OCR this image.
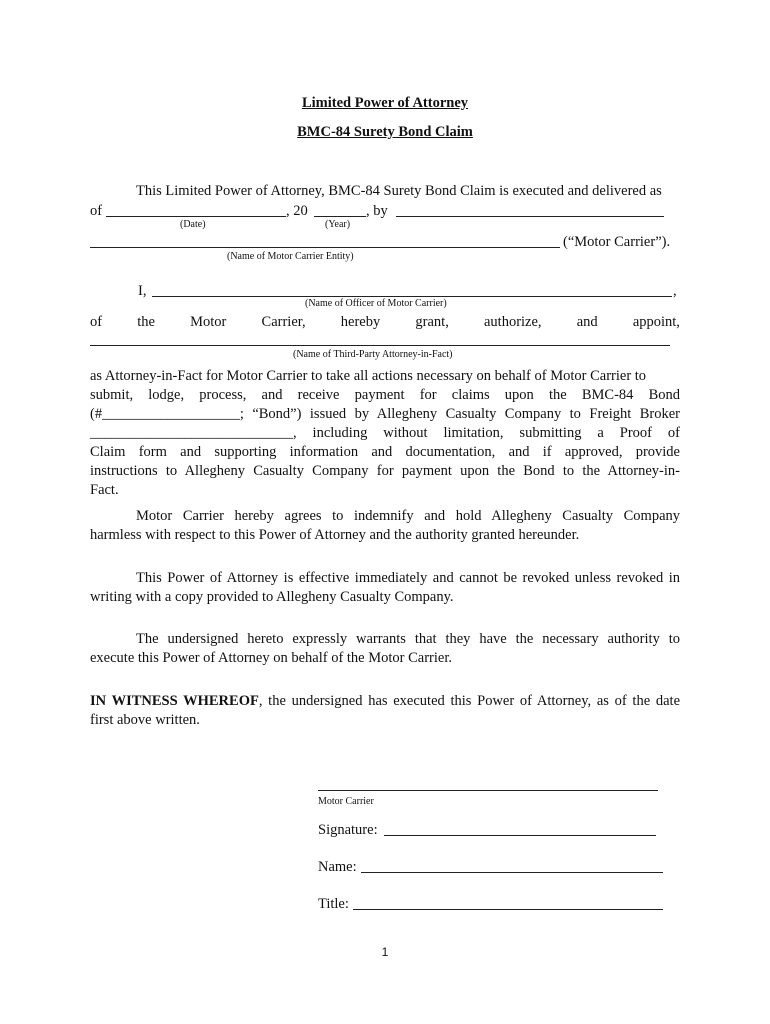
Limited Power of Attorney
BMC-84 Surety Bond Claim
This Limited Power of Attorney, BMC-84 Surety Bond Claim is executed and delivered as
of	, 20	, by
(Date)	(Year)
(“Motor Carrier”).
(Name of Motor Carrier Entity)
I,	,
(Name of Officer of Motor Carrier)
of the Motor Carrier, hereby grant, authorize, and appoint,
(Name of Third-Party Attorney-in-Fact)
as Attorney-in-Fact for Motor Carrier to take all actions necessary on behalf of Motor Carrier to
submit, lodge, process, and receive payment for claims upon the BMC-84 Bond
(#___________________; “Bond”) issued by Allegheny Casualty Company to Freight Broker
____________________________, including without limitation, submitting a Proof of
Claim form and supporting information and documentation, and if approved, provide
instructions to Allegheny Casualty Company for payment upon the Bond to the Attorney-in-
Fact.
Motor Carrier hereby agrees to indemnify and hold Allegheny Casualty Company
harmless with respect to this Power of Attorney and the authority granted hereunder.
This Power of Attorney is effective immediately and cannot be revoked unless revoked in
writing with a copy provided to Allegheny Casualty Company.
The undersigned hereto expressly warrants that they have the necessary authority to
execute this Power of Attorney on behalf of the Motor Carrier.
IN WITNESS WHEREOF, the undersigned has executed this Power of Attorney, as of the date
first above written.
Motor Carrier
Signature:
Name:
Title:
1
